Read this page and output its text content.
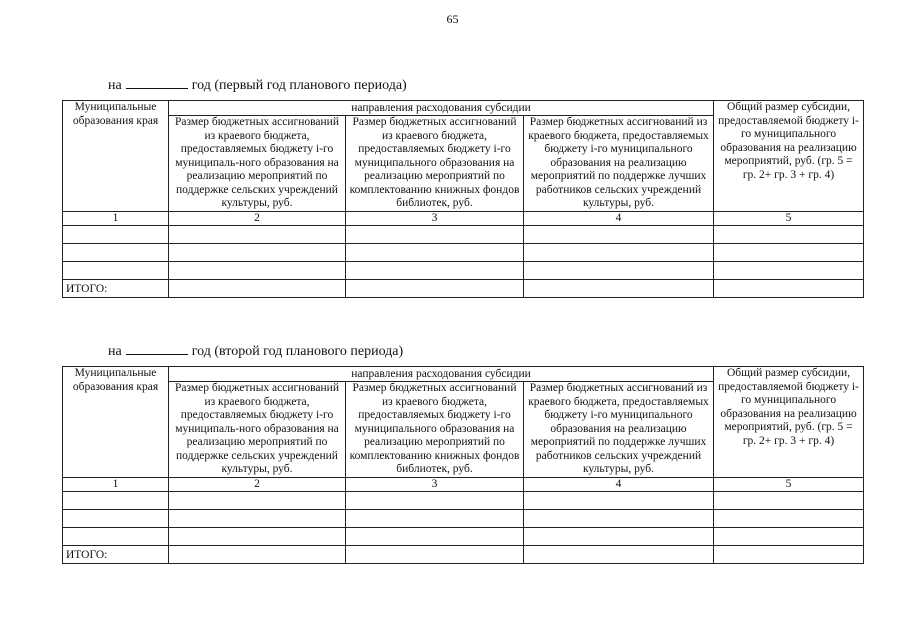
65
на	год (первый год планового периода)
Муниципальные образования края	направления расходования субсидии			Общий размер субсидии, предоставляемой бюджету i-го муниципального образования на реализацию мероприятий, руб. (гр. 5 = гр. 2+ гр. 3 + гр. 4)
	Размер бюджетных ассигнований из краевого бюджета, предоставляемых бюджету i-го муниципаль-ного образования на реализацию мероприятий по поддержке сельских учреждений культуры, руб.	Размер бюджетных ассигнований из краевого бюджета, предоставляемых бюджету i-го муниципального образования на реализацию мероприятий по комплектованию книжных фондов библиотек, руб.	Размер бюджетных ассигнований из краевого бюджета, предоставляемых бюджету i-го муниципального образования на реализацию мероприятий по поддержке лучших работников сельских учреждений культуры, руб.	
1	2	3	4	5

ИТОГО:				
на	год (второй год планового периода)
Муниципальные образования края	направления расходования субсидии			Общий размер субсидии, предоставляемой бюджету i-го муниципального образования на реализацию мероприятий, руб. (гр. 5 = гр. 2+ гр. 3 + гр. 4)
	Размер бюджетных ассигнований из краевого бюджета, предоставляемых бюджету i-го муниципаль-ного образования на реализацию мероприятий по поддержке сельских учреждений культуры, руб.	Размер бюджетных ассигнований из краевого бюджета, предоставляемых бюджету i-го муниципального образования на реализацию мероприятий по комплектованию книжных фондов библиотек, руб.	Размер бюджетных ассигнований из краевого бюджета, предоставляемых бюджету i-го муниципального образования на реализацию мероприятий по поддержке лучших работников сельских учреждений культуры, руб.	
1	2	3	4	5

ИТОГО:				
